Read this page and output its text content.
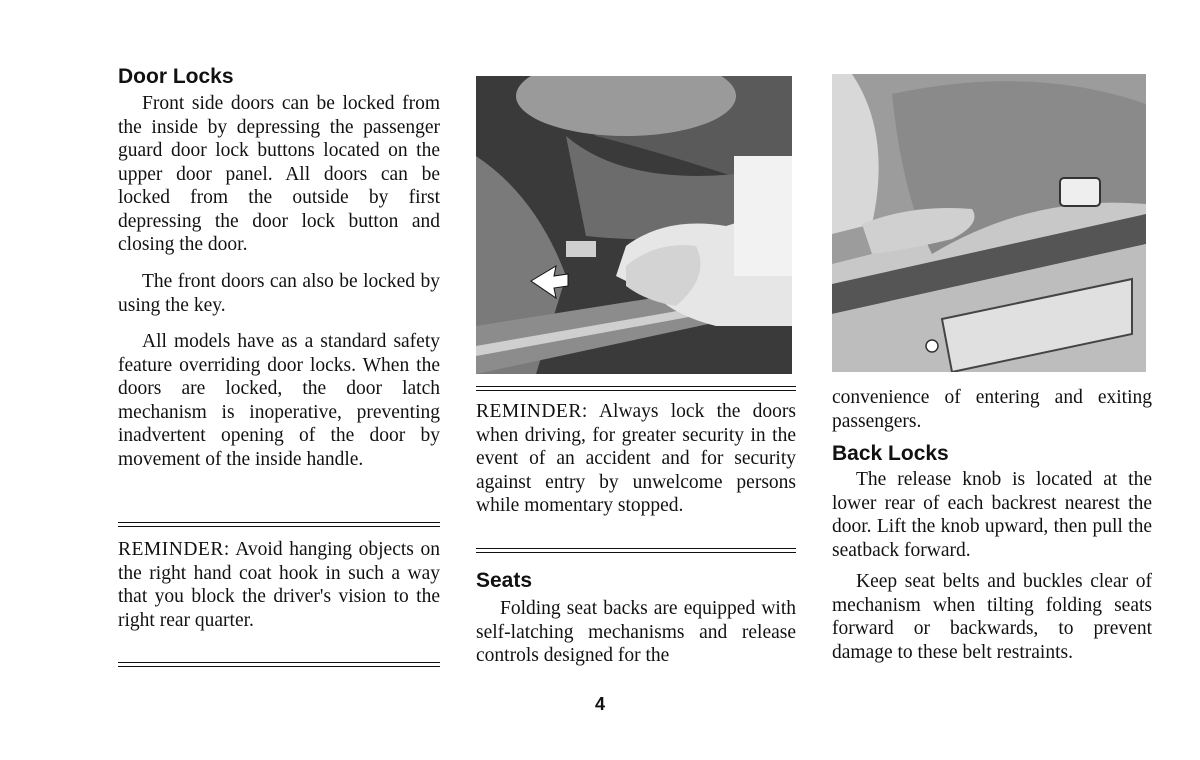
Door Locks

Front side doors can be locked from the inside by depressing the passenger guard door lock buttons located on the upper door panel. All doors can be locked from the outside by first depressing the door lock button and closing the door.

The front doors can also be locked by using the key.

All models have as a standard safety feature overriding door locks. When the doors are locked, the door latch mechanism is inoperative, preventing inadvertent opening of the door by movement of the inside handle.

REMINDER: Avoid hanging objects on the right hand coat hook in such a way that you block the driver's vision to the right rear quarter.

REMINDER: Always lock the doors when driving, for greater security in the event of an accident and for security against entry by unwelcome persons while momentary stopped.

Seats

Folding seat backs are equipped with self-latching mechanisms and release controls designed for the

convenience of entering and exiting passengers.

Back Locks

The release knob is located at the lower rear of each backrest nearest the door. Lift the knob upward, then pull the seatback forward.

Keep seat belts and buckles clear of mechanism when tilting folding seats forward or backwards, to prevent damage to these belt restraints.

4
